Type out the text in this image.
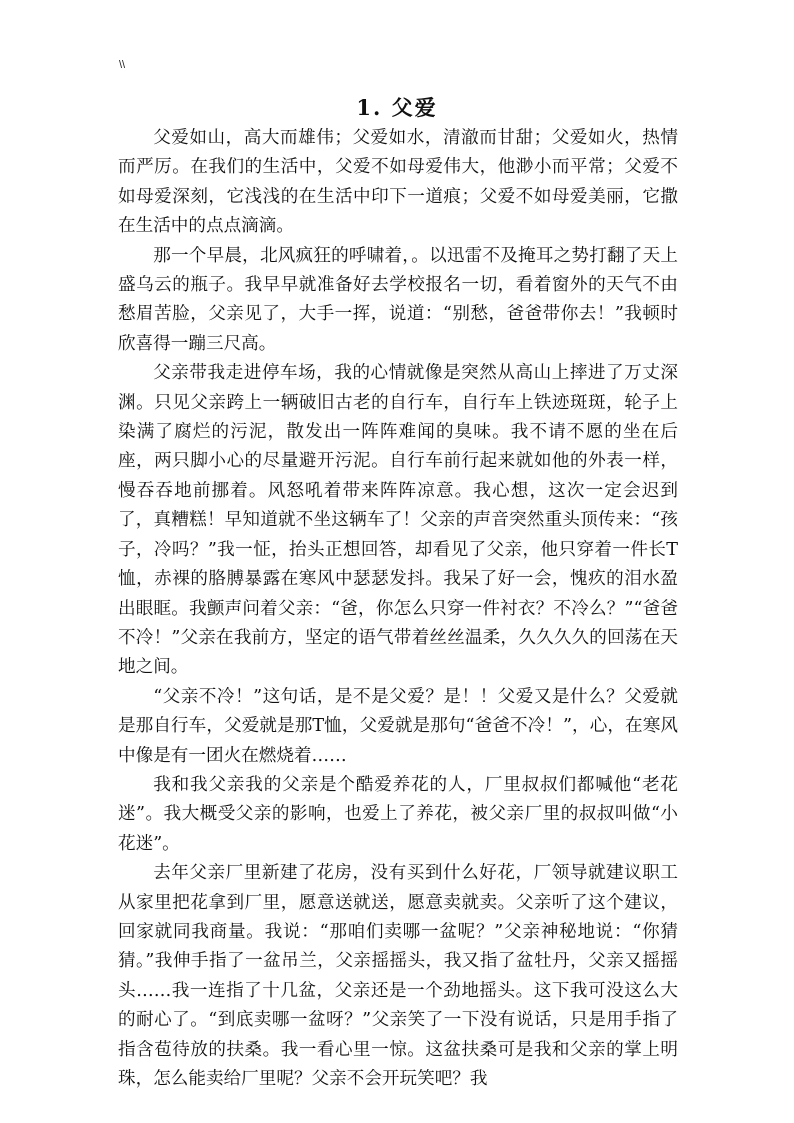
\\
1. 父爱

父爱如山，高大而雄伟；父爱如水，清澈而甘甜；父爱如火，热情而严厉。在我们的生活中，父爱不如母爱伟大，他渺小而平常；父爱不如母爱深刻，它浅浅的在生活中印下一道痕；父爱不如母爱美丽，它撒在生活中的点点滴滴。

那一个早晨，北风疯狂的呼啸着，。以迅雷不及掩耳之势打翻了天上盛乌云的瓶子。我早早就准备好去学校报名一切，看着窗外的天气不由愁眉苦脸，父亲见了，大手一挥，说道：“别愁，爸爸带你去！”我顿时欣喜得一蹦三尺高。

父亲带我走进停车场，我的心情就像是突然从高山上摔进了万丈深渊。只见父亲跨上一辆破旧古老的自行车，自行车上铁迹斑斑，轮子上染满了腐烂的污泥，散发出一阵阵难闻的臭味。我不请不愿的坐在后座，两只脚小心的尽量避开污泥。自行车前行起来就如他的外表一样，慢吞吞地前挪着。风怒吼着带来阵阵凉意。我心想，这次一定会迟到了，真糟糕！早知道就不坐这辆车了！父亲的声音突然重头顶传来：“孩子，冷吗？”我一怔，抬头正想回答，却看见了父亲，他只穿着一件长T恤，赤裸的胳膊暴露在寒风中瑟瑟发抖。我呆了好一会，愧疚的泪水盈出眼眶。我颤声问着父亲：“爸，你怎么只穿一件衬衣？不冷么？”“爸爸不冷！”父亲在我前方，坚定的语气带着丝丝温柔，久久久久的回荡在天地之间。

“父亲不冷！”这句话，是不是父爱？是！！父爱又是什么？父爱就是那自行车，父爱就是那T恤，父爱就是那句“爸爸不冷！”，心，在寒风中像是有一团火在燃烧着……

我和我父亲我的父亲是个酷爱养花的人，厂里叔叔们都喊他“老花迷”。我大概受父亲的影响，也爱上了养花，被父亲厂里的叔叔叫做“小花迷”。

去年父亲厂里新建了花房，没有买到什么好花，厂领导就建议职工从家里把花拿到厂里，愿意送就送，愿意卖就卖。父亲听了这个建议，回家就同我商量。我说：“那咱们卖哪一盆呢？”父亲神秘地说：“你猜猜。”我伸手指了一盆吊兰，父亲摇摇头，我又指了盆牡丹，父亲又摇摇头……我一连指了十几盆，父亲还是一个劲地摇头。这下我可没这么大的耐心了。“到底卖哪一盆呀？”父亲笑了一下没有说话，只是用手指了指含苞待放的扶桑。我一看心里一惊。这盆扶桑可是我和父亲的掌上明珠，怎么能卖给厂里呢？父亲不会开玩笑吧？我
